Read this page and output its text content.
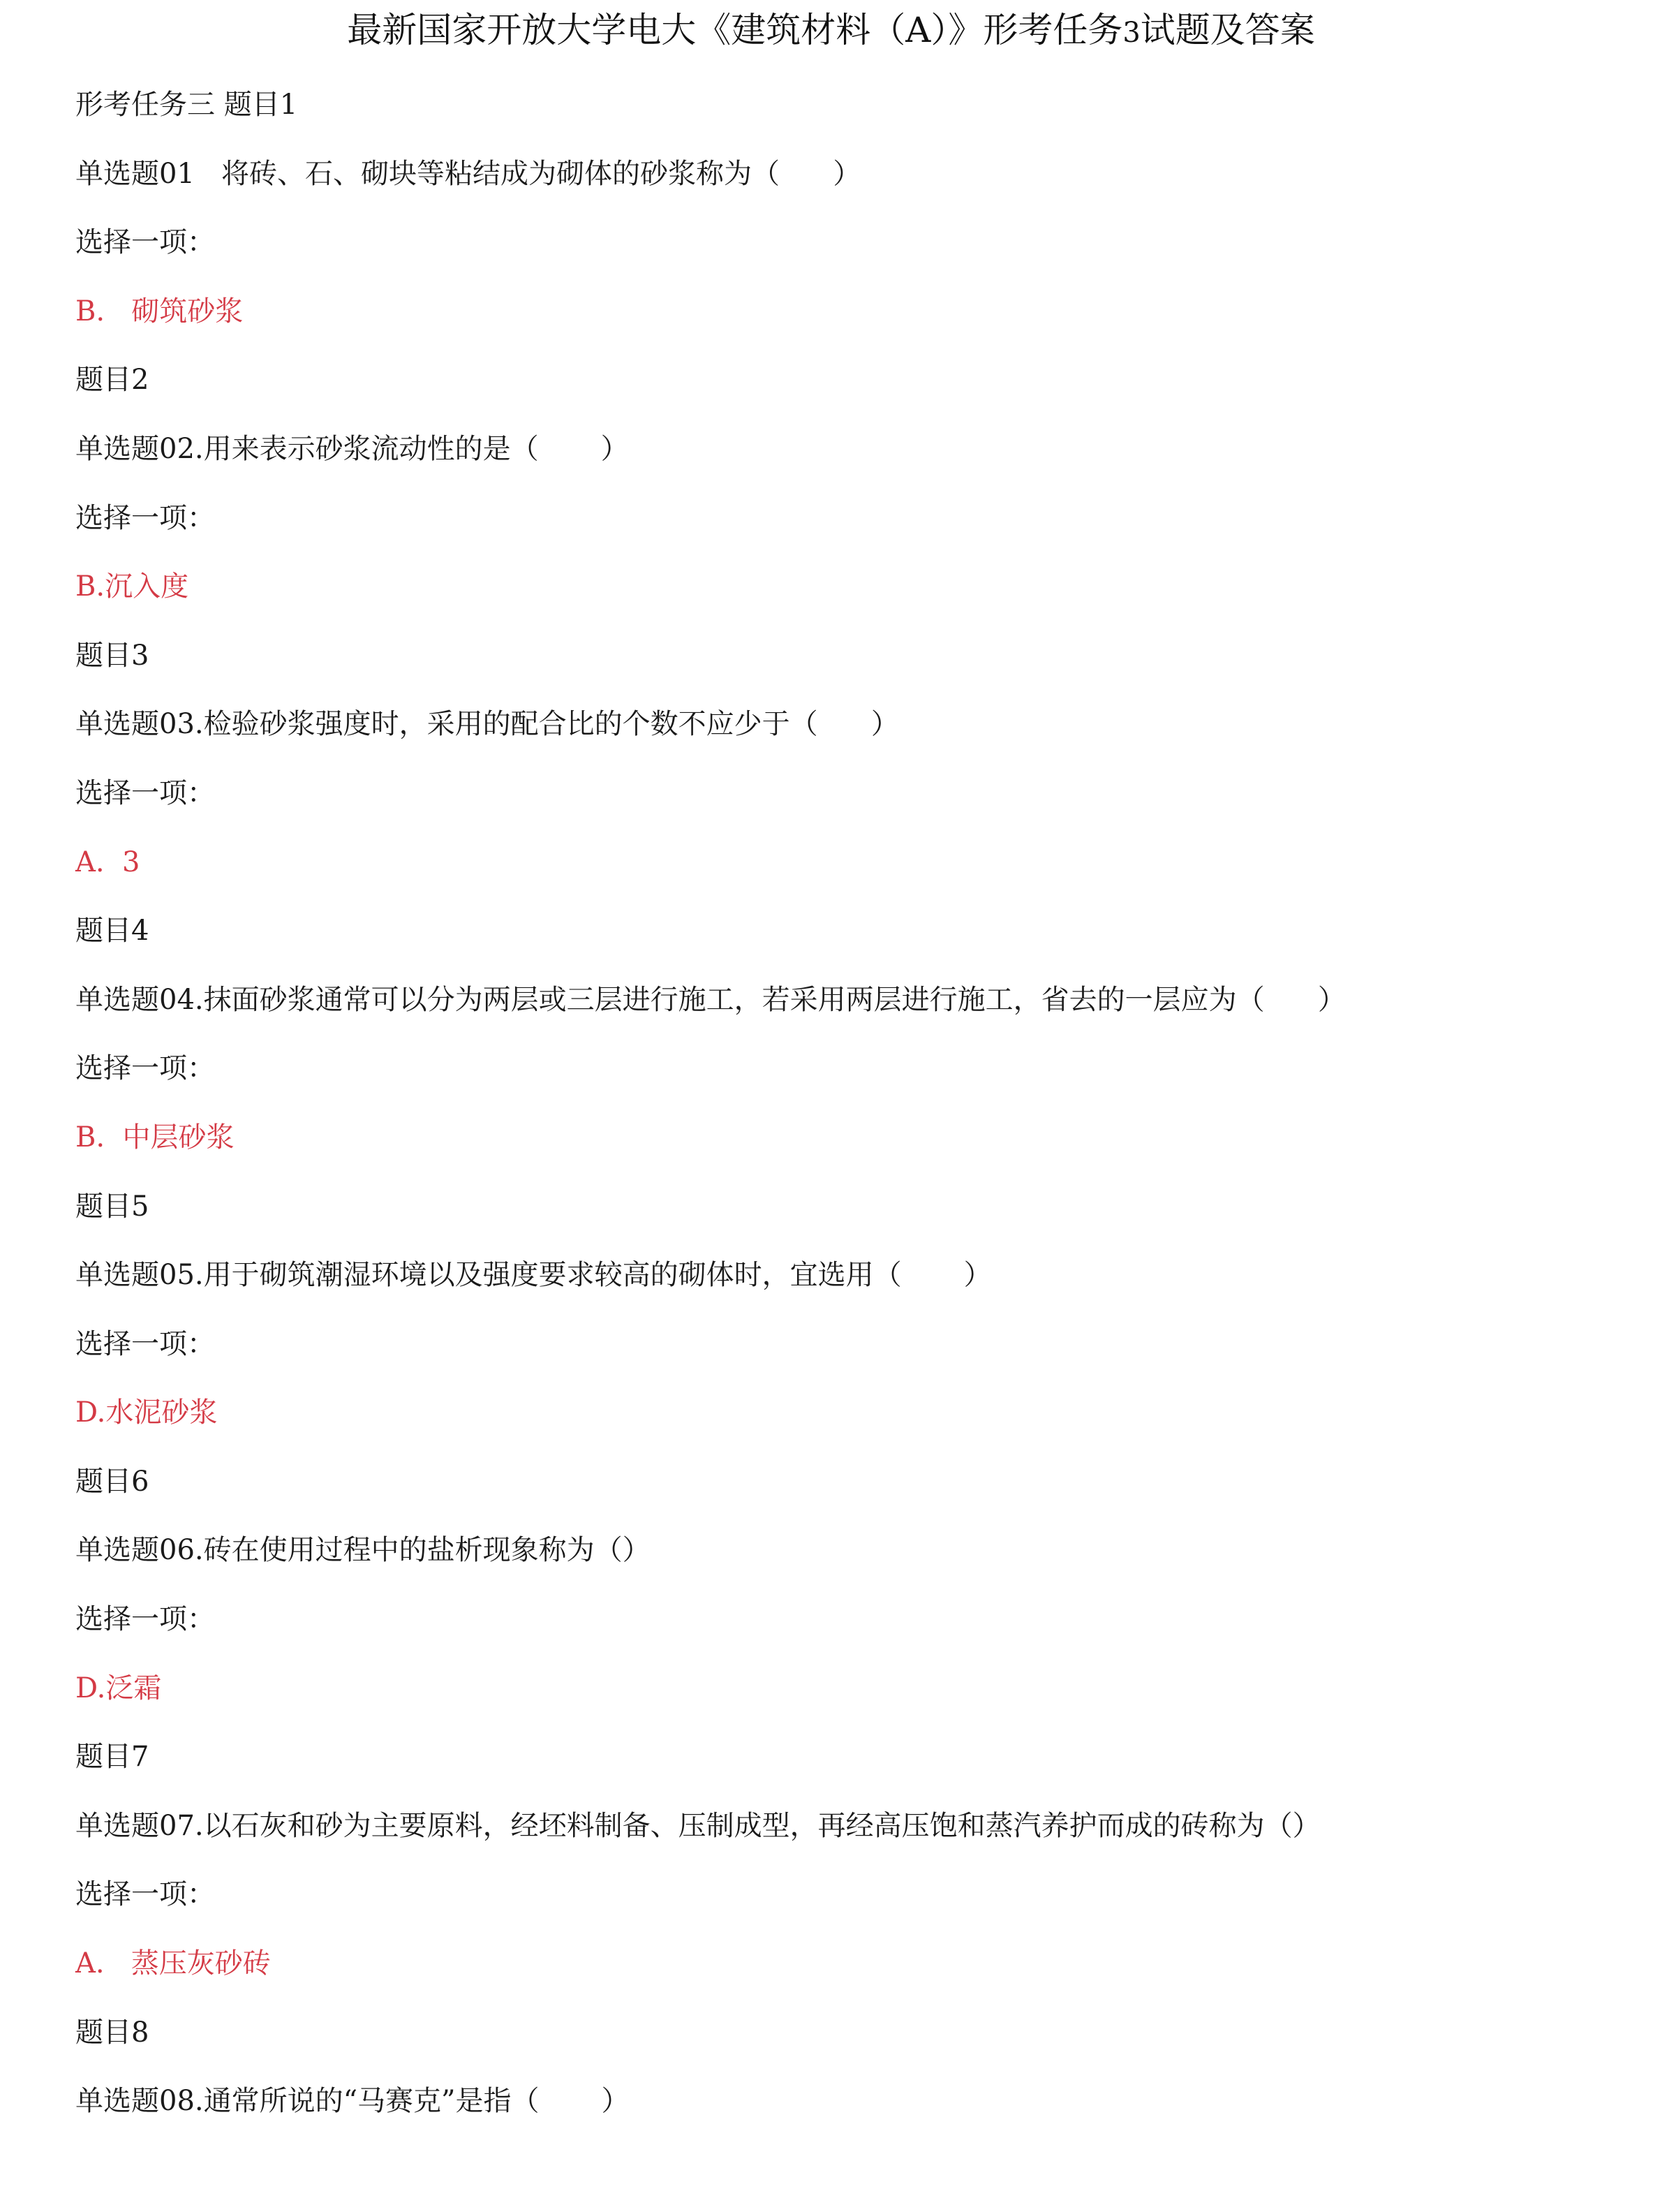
最新国家开放大学电大《建筑材料（A）》形考任务3试题及答案
形考任务三 题目1
单选题01   将砖、石、砌块等粘结成为砌体的砂浆称为（      ）
选择一项：
B.   砌筑砂浆
题目2
单选题02.用来表示砂浆流动性的是（       ）
选择一项：
B.沉入度
题目3
单选题03.检验砂浆强度时，采用的配合比的个数不应少于（      ）
选择一项：
A.  3
题目4
单选题04.抹面砂浆通常可以分为两层或三层进行施工，若采用两层进行施工，省去的一层应为（      ）
选择一项：
B.  中层砂浆
题目5
单选题05.用于砌筑潮湿环境以及强度要求较高的砌体时，宜选用（       ）
选择一项：
D.水泥砂浆
题目6
单选题06.砖在使用过程中的盐析现象称为（）
选择一项：
D.泛霜
题目7
单选题07.以石灰和砂为主要原料，经坯料制备、压制成型，再经高压饱和蒸汽养护而成的砖称为（）
选择一项：
A.   蒸压灰砂砖
题目8
单选题08.通常所说的“马赛克”是指（       ）
